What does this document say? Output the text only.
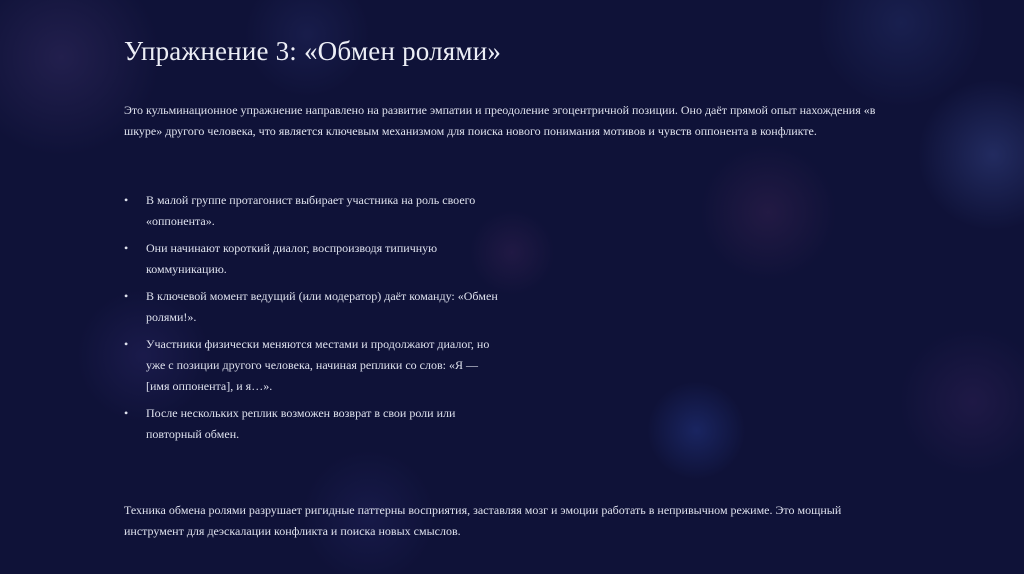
Упражнение 3: «Обмен ролями»

Это кульминационное упражнение направлено на развитие эмпатии и преодоление эгоцентричной позиции. Оно даёт прямой опыт нахождения «в шкуре» другого человека, что является ключевым механизмом для поиска нового понимания мотивов и чувств оппонента в конфликте.

• В малой группе протагонист выбирает участника на роль своего «оппонента».
• Они начинают короткий диалог, воспроизводя типичную коммуникацию.
• В ключевой момент ведущий (или модератор) даёт команду: «Обмен ролями!».
• Участники физически меняются местами и продолжают диалог, но уже с позиции другого человека, начиная реплики со слов: «Я — [имя оппонента], и я…».
• После нескольких реплик возможен возврат в свои роли или повторный обмен.

Техника обмена ролями разрушает ригидные паттерны восприятия, заставляя мозг и эмоции работать в непривычном режиме. Это мощный инструмент для деэскалации конфликта и поиска новых смыслов.
